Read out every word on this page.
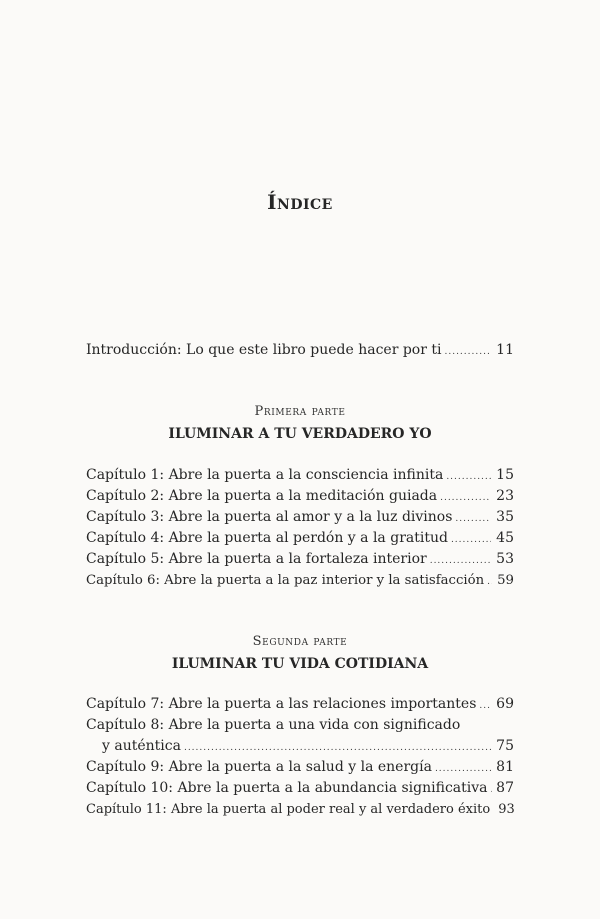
Índice
Introducción: Lo que este libro puede hacer por ti .....	11
Primera parte
ILUMINAR A TU VERDADERO YO
Capítulo 1: Abre la puerta a la consciencia infinita .....	15
Capítulo 2: Abre la puerta a la meditación guiada .....	23
Capítulo 3: Abre la puerta al amor y a la luz divinos .....	35
Capítulo 4: Abre la puerta al perdón y a la gratitud .....	45
Capítulo 5: Abre la puerta a la fortaleza interior .....	53
Capítulo 6: Abre la puerta a la paz interior y la satisfacción ..... 59
Segunda parte
ILUMINAR TU VIDA COTIDIANA
Capítulo 7: Abre la puerta a las relaciones importantes ..... 69
Capítulo 8: Abre la puerta a una vida con significado
y auténtica .....	75
Capítulo 9: Abre la puerta a la salud y la energía .....	81
Capítulo 10: Abre la puerta a la abundancia significativa ..... 87
Capítulo 11: Abre la puerta al poder real y al verdadero éxito 93
